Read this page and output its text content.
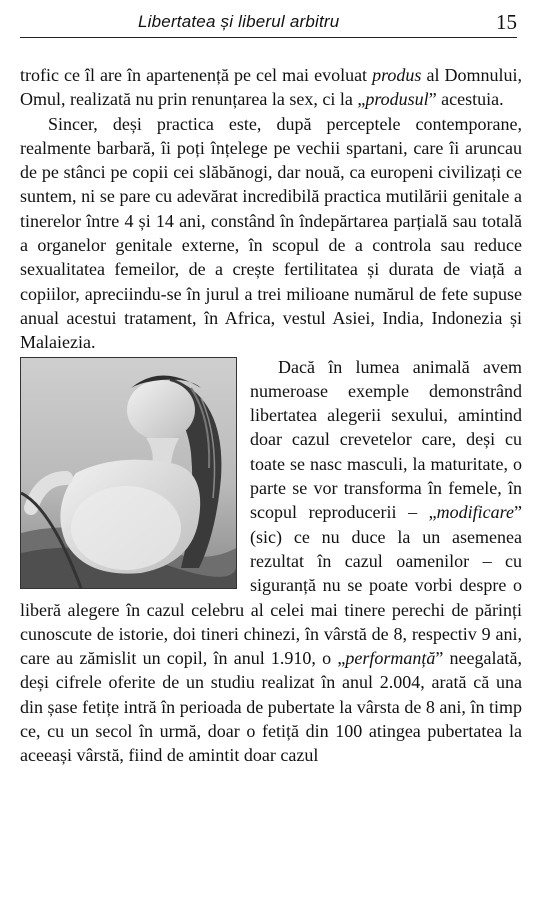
Libertatea și liberul arbitru	15

trofic ce îl are în apartenență pe cel mai evoluat produs al Domnului, Omul, realizată nu prin renunțarea la sex, ci la „produsul” acestuia.

Sincer, deși practica este, după perceptele contemporane, realmente barbară, îi poți înțelege pe vechii spartani, care îi aruncau de pe stânci pe copii cei slăbănogi, dar nouă, ca europeni civilizați ce suntem, ni se pare cu adevărat incredibilă practica mutilării genitale a tinerelor între 4 și 14 ani, constând în îndepărtarea parțială sau totală a organelor genitale externe, în scopul de a controla sau reduce sexualitatea femeilor, de a crește fertilitatea și durata de viață a copiilor, apreciindu-se în jurul a trei milioane numărul de fete supuse anual acestui tratament, în Africa, vestul Asiei, India, Indonezia și Malaiezia.

Dacă în lumea animală avem numeroase exemple demonstrând libertatea alegerii sexului, amintind doar cazul crevetelor care, deși cu toate se nasc masculi, la maturitate, o parte se vor transforma în femele, în scopul reproducerii – „modificare” (sic) ce nu duce la un asemenea rezultat în cazul oamenilor – cu siguranță nu se poate vorbi despre o liberă alegere în cazul celebru al celei mai tinere perechi de părinți cunoscute de istorie, doi tineri chinezi, în vârstă de 8, respectiv 9 ani, care au zămislit un copil, în anul 1.910, o „performanță” neegalată, deși cifrele oferite de un studiu realizat în anul 2.004, arată că una din șase fetițe intră în perioada de pubertate la vârsta de 8 ani, în timp ce, cu un secol în urmă, doar o fetiță din 100 atingea pubertatea la aceeași vârstă, fiind de amintit doar cazul
